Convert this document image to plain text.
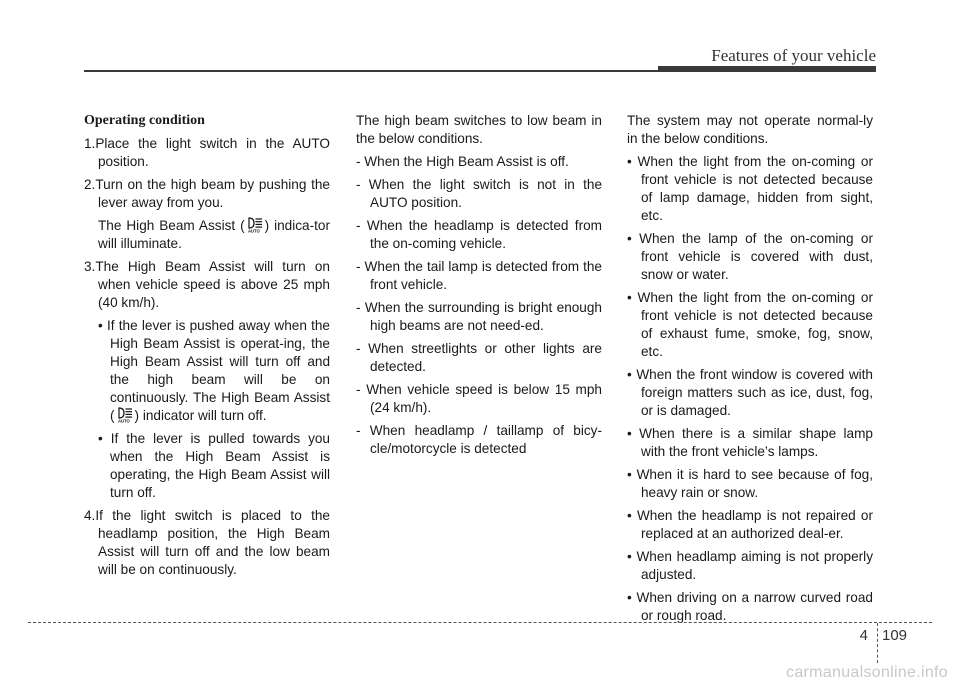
Features of your vehicle
Operating condition
1.Place the light switch in the AUTO position.
2.Turn on the high beam by pushing the lever away from you.

The High Beam Assist ( AUTO ) indica-tor will illuminate.

3.The High Beam Assist will turn on when vehicle speed is above 25 mph (40 km/h).
• If the lever is pushed away when the High Beam Assist is operat-ing, the High Beam Assist will turn off and the high beam will be on continuously. The High Beam Assist ( AUTO ) indicator will turn off.
• If the lever is pulled towards you when the High Beam Assist is operating, the High Beam Assist will turn off.
4.If the light switch is placed to the headlamp position, the High Beam Assist will turn off and the low beam will be on continuously.

The high beam switches to low beam in the below conditions.

- When the High Beam Assist is off.
- When the light switch is not in the AUTO position.
- When the headlamp is detected from the on-coming vehicle.
- When the tail lamp is detected from the front vehicle.
- When the surrounding is bright enough high beams are not need-ed.
- When streetlights or other lights are detected.
- When vehicle speed is below 15 mph (24 km/h).
- When headlamp / taillamp of bicy-cle/motorcycle is detected

The system may not operate normal-ly in the below conditions.

• When the light from the on-coming or front vehicle is not detected because of lamp damage, hidden from sight, etc.
• When the lamp of the on-coming or front vehicle is covered with dust, snow or water.
• When the light from the on-coming or front vehicle is not detected because of exhaust fume, smoke, fog, snow, etc.
• When the front window is covered with foreign matters such as ice, dust, fog, or is damaged.
• When there is a similar shape lamp with the front vehicle’s lamps.
• When it is hard to see because of fog, heavy rain or snow.
• When the headlamp is not repaired or replaced at an authorized deal-er.
• When headlamp aiming is not properly adjusted.
• When driving on a narrow curved road or rough road.
4 109
carmanualsonline.info
